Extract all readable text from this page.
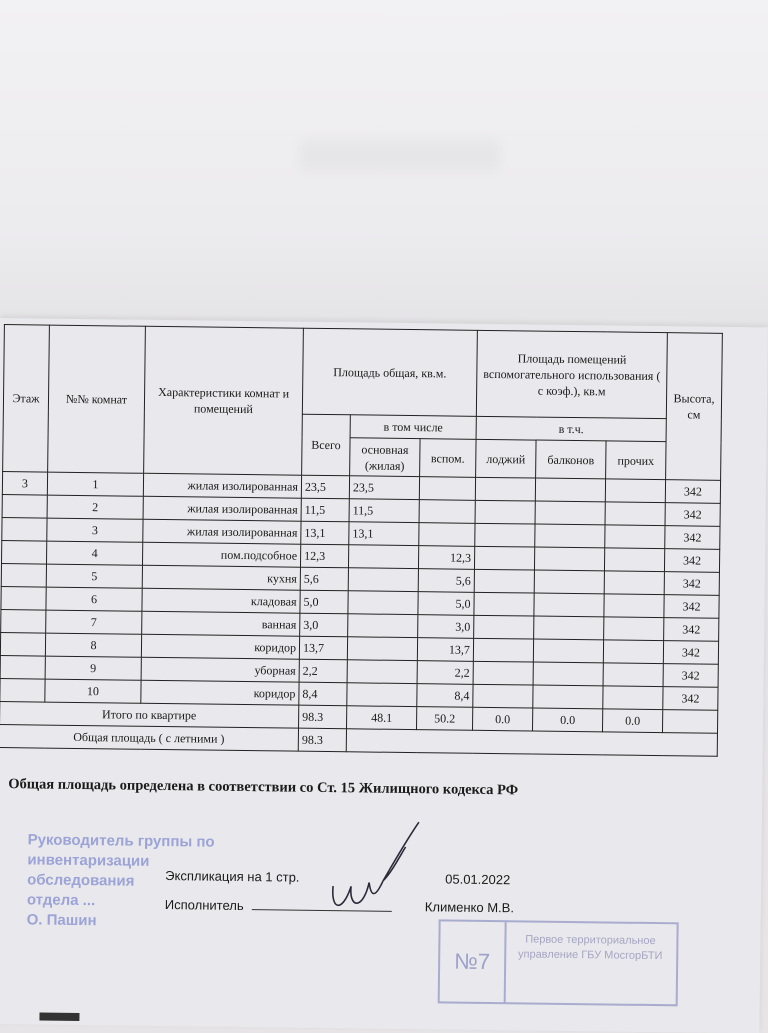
Этаж	№№ комнат	Характеристики комнат и помещений	Площадь общая, кв.м.			Площадь помещений вспомогательного использования ( с коэф.), кв.м			Высота, см
			Всего	в том числе		в т.ч.			
				основная (жилая)	вспом.	лоджий	балконов	прочих	
3	1	жилая изолированная	23,5	23,5					342
	2	жилая изолированная	11,5	11,5					342
	3	жилая изолированная	13,1	13,1					342
	4	пом.подсобное	12,3		12,3				342
	5	кухня	5,6		5,6				342
	6	кладовая	5,0		5,0				342
	7	ванная	3,0		3,0				342
	8	коридор	13,7		13,7				342
	9	уборная	2,2		2,2				342
	10	коридор	8,4		8,4				342
Итого по квартире			98.3	48.1	50.2	0.0	0.0	0.0	
Общая площадь ( с летними )			98.3						
Общая площадь определена в соответствии со Ст. 15 Жилищного кодекса РФ
Руководитель группы по
инвентаризации
обследования
отдела ...
О. Пашин
Экспликация на 1 стр.	05.01.2022
Исполнитель	Клименко М.В.
№7
Первое территориальное управление ГБУ МосгорБТИ
